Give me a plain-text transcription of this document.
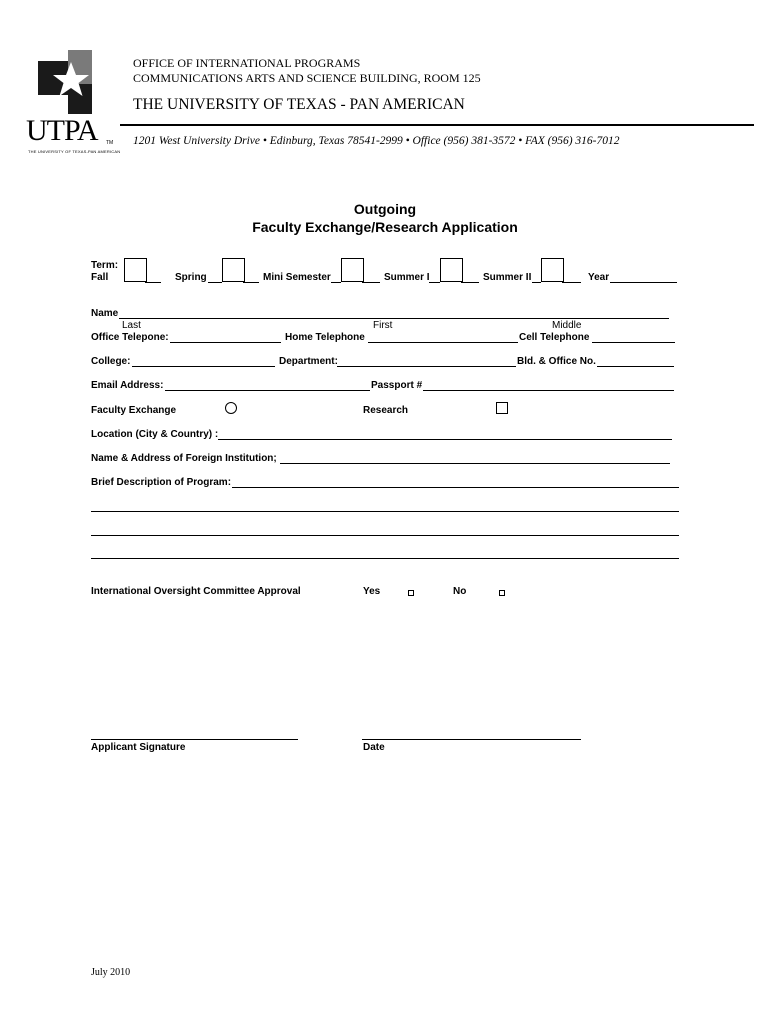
UTPA TM
THE UNIVERSITY OF TEXAS-PAN AMERICAN
OFFICE OF INTERNATIONAL PROGRAMS
COMMUNICATIONS ARTS AND SCIENCE BUILDING, ROOM 125
THE UNIVERSITY OF TEXAS - PAN AMERICAN
1201 West University Drive • Edinburg, Texas 78541-2999 • Office (956) 381-3572 • FAX (956) 316-7012
Outgoing
Faculty Exchange/Research Application
Term:
Fall	Spring	Mini Semester	Summer I	Summer II	Year
Name
Last	First	Middle
Office Telepone:	Home Telephone	Cell Telephone
College:	Department:	Bld. & Office No.
Email Address:	Passport #
Faculty Exchange	Research
Location (City & Country) :
Name & Address of Foreign Institution;
Brief Description of Program:
International Oversight Committee Approval	Yes	No
Applicant Signature	Date
July 2010
